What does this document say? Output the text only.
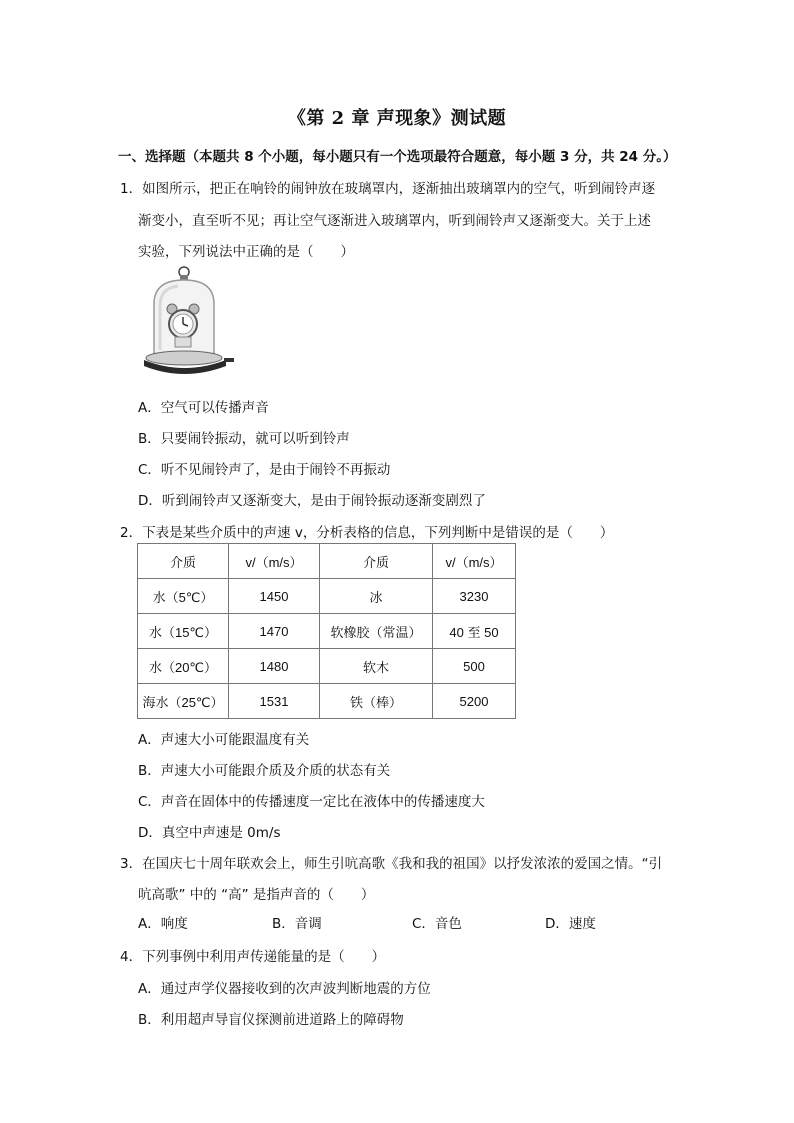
《第 2 章 声现象》测试题
一、选择题（本题共 8 个小题，每小题只有一个选项最符合题意，每小题 3 分，共 24 分。）
1．如图所示，把正在响铃的闹钟放在玻璃罩内，逐渐抽出玻璃罩内的空气，听到闹铃声逐
渐变小，直至听不见；再让空气逐渐进入玻璃罩内，听到闹铃声又逐渐变大。关于上述
实验，下列说法中正确的是（　　）
A．空气可以传播声音
B．只要闹铃振动，就可以听到铃声
C．听不见闹铃声了，是由于闹铃不再振动
D．听到闹铃声又逐渐变大，是由于闹铃振动逐渐变剧烈了
2．下表是某些介质中的声速 v，分析表格的信息，下列判断中是错误的是（　　）
介质	v/（m/s）	介质	v/（m/s）
水（5℃）	1450	冰	3230
水（15℃）	1470	软橡胶（常温）	40 至 50
水（20℃）	1480	软木	500
海水（25℃）	1531	铁（棒）	5200
A．声速大小可能跟温度有关
B．声速大小可能跟介质及介质的状态有关
C．声音在固体中的传播速度一定比在液体中的传播速度大
D．真空中声速是 0m/s
3．在国庆七十周年联欢会上，师生引吭高歌《我和我的祖国》以抒发浓浓的爱国之情。“引
吭高歌” 中的 “高” 是指声音的（　　）
A．响度	B．音调	C．音色	D．速度
4．下列事例中利用声传递能量的是（　　）
A．通过声学仪器接收到的次声波判断地震的方位
B．利用超声导盲仪探测前进道路上的障碍物
